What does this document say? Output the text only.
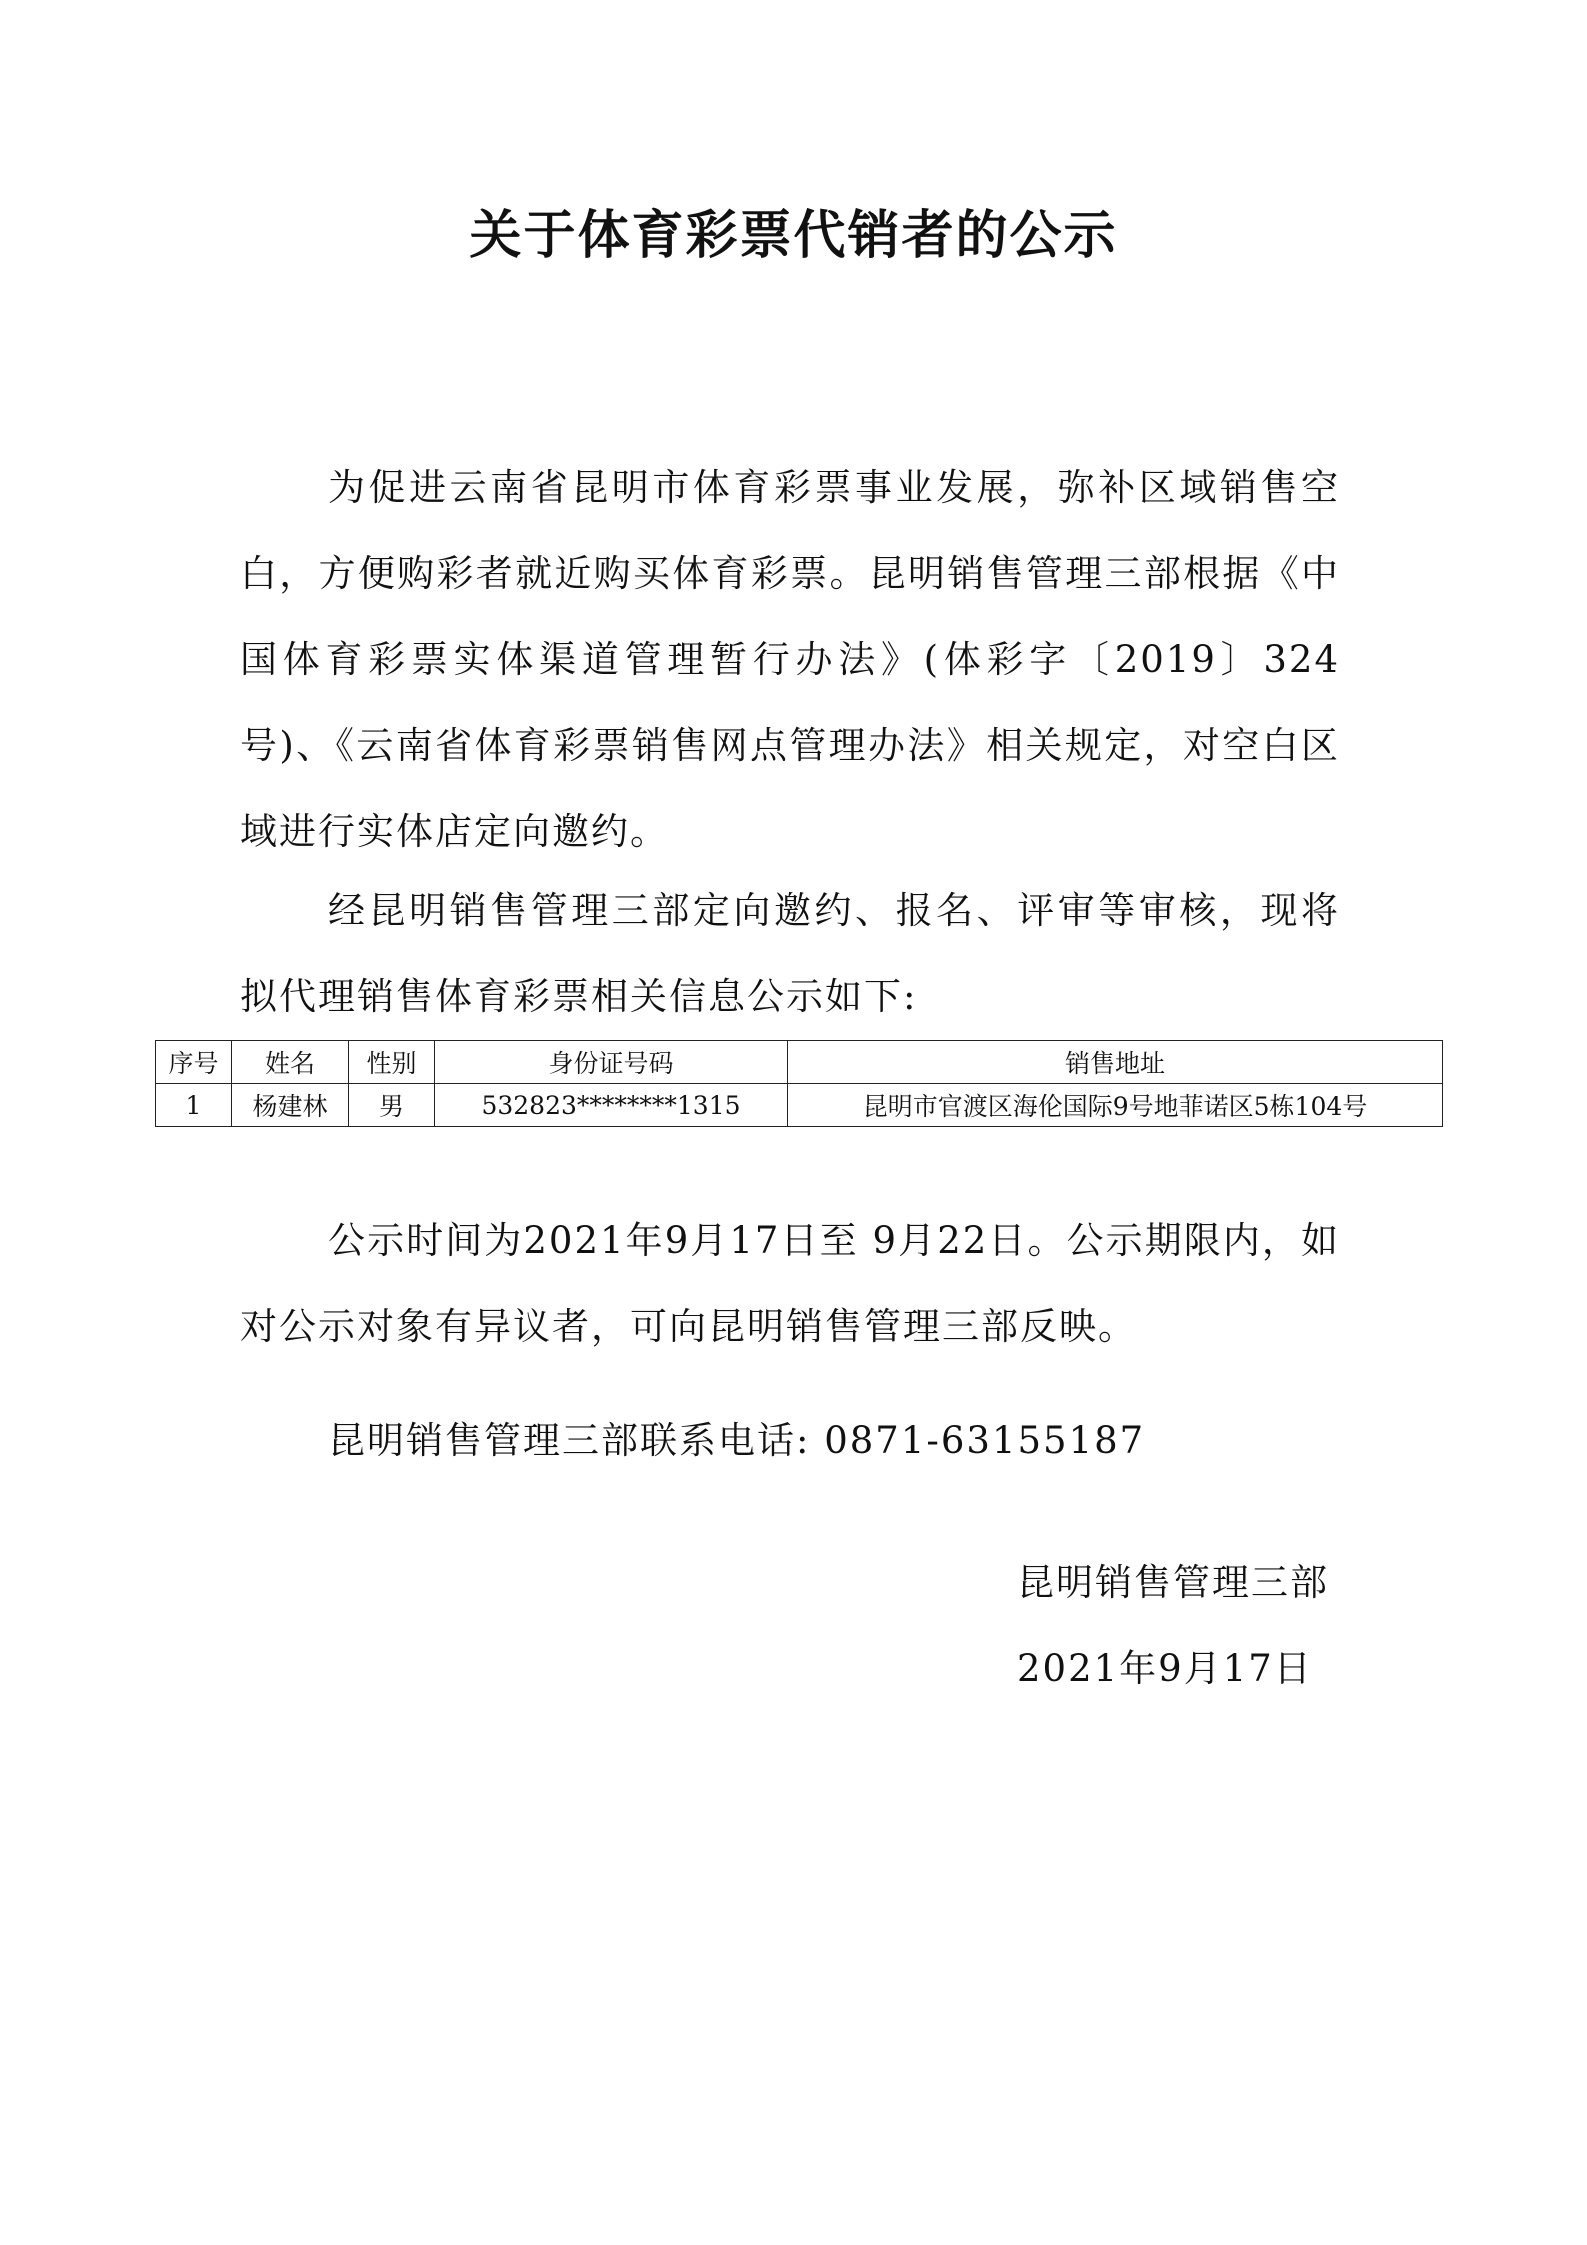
关于体育彩票代销者的公示

为促进云南省昆明市体育彩票事业发展，弥补区域销售空白，方便购彩者就近购买体育彩票。昆明销售管理三部根据《中国体育彩票实体渠道管理暂行办法》(体彩字〔2019〕324号)、《云南省体育彩票销售网点管理办法》相关规定，对空白区域进行实体店定向邀约。

经昆明销售管理三部定向邀约、报名、评审等审核，现将拟代理销售体育彩票相关信息公示如下:

序号	姓名	性别	身份证号码	销售地址
1	杨建林	男	532823********1315	昆明市官渡区海伦国际9号地菲诺区5栋104号

公示时间为2021年9月17日至 9月22日。公示期限内，如对公示对象有异议者，可向昆明销售管理三部反映。

昆明销售管理三部联系电话: 0871-63155187

昆明销售管理三部
2021年9月17日
